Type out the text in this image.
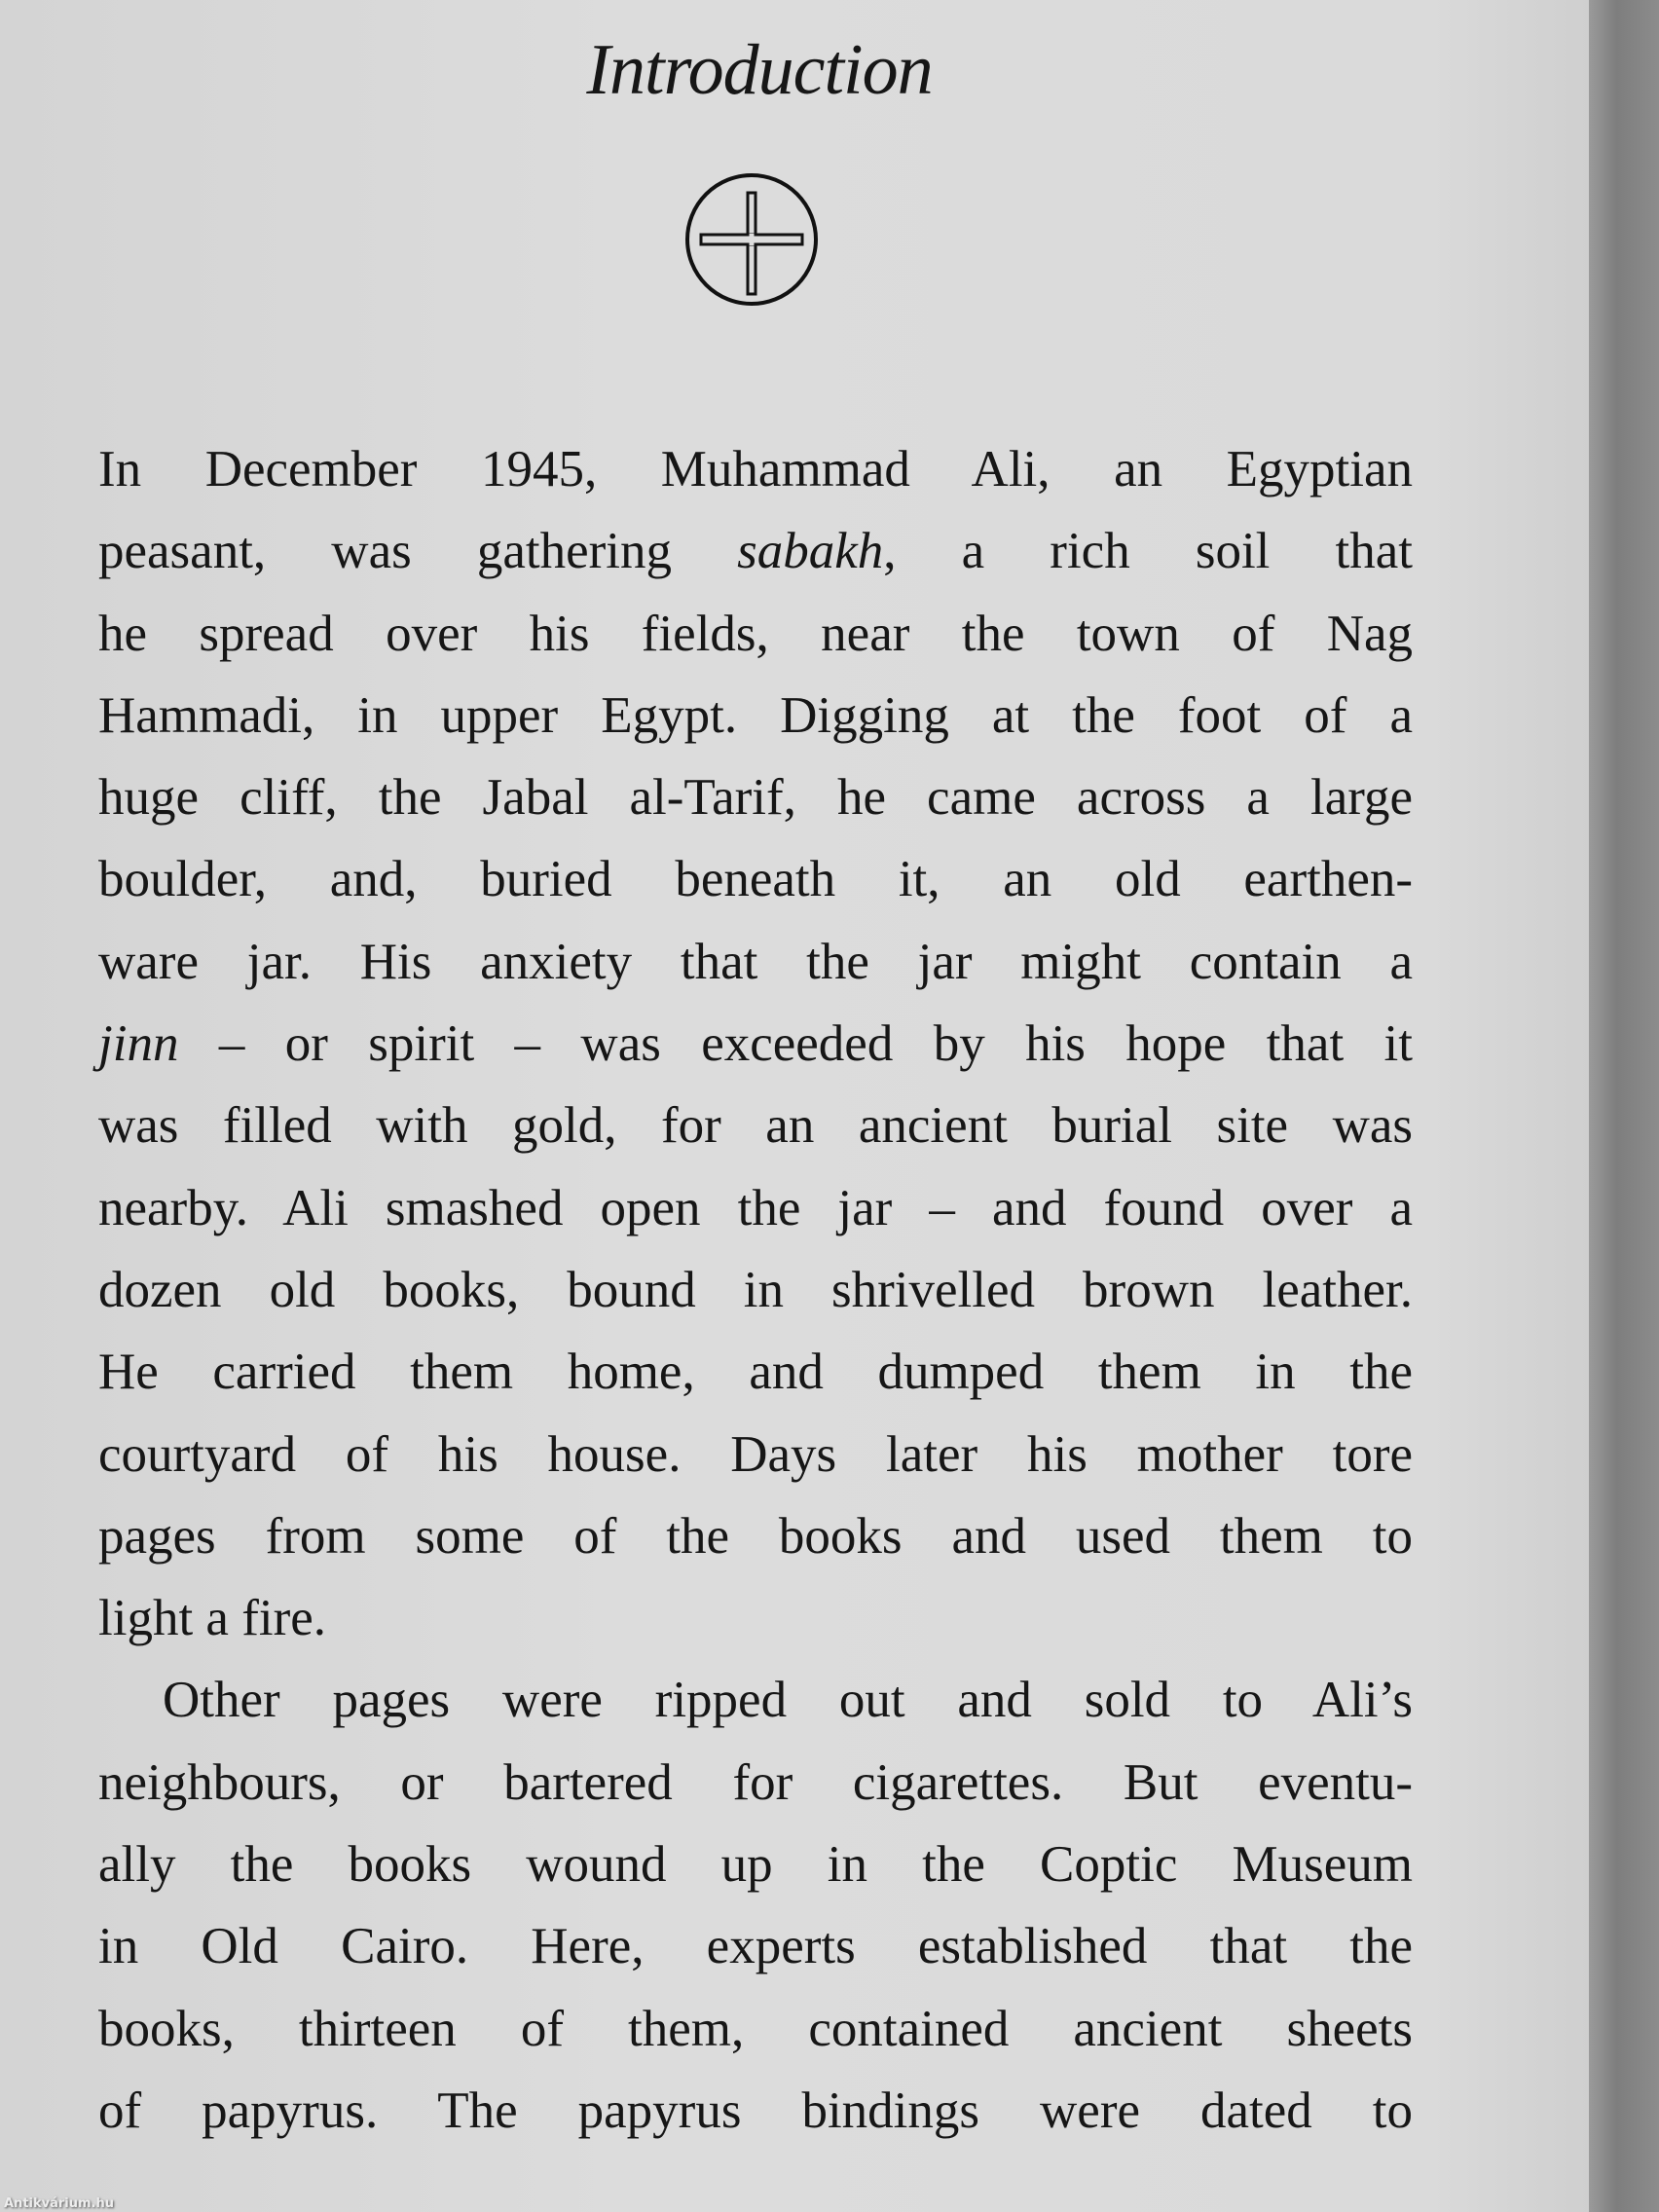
Introduction
In December 1945, Muhammad Ali, an Egyptian
peasant, was gathering sabakh, a rich soil that
he spread over his fields, near the town of Nag
Hammadi, in upper Egypt. Digging at the foot of a
huge cliff, the Jabal al-Tarif, he came across a large
boulder, and, buried beneath it, an old earthen-
ware jar. His anxiety that the jar might contain a
jinn – or spirit – was exceeded by his hope that it
was filled with gold, for an ancient burial site was
nearby. Ali smashed open the jar – and found over a
dozen old books, bound in shrivelled brown leather.
He carried them home, and dumped them in the
courtyard of his house. Days later his mother tore
pages from some of the books and used them to
light a fire.
Other pages were ripped out and sold to Ali’s
neighbours, or bartered for cigarettes. But eventu-
ally the books wound up in the Coptic Museum
in Old Cairo. Here, experts established that the
books, thirteen of them, contained ancient sheets
of papyrus. The papyrus bindings were dated to
Antikvárium.hu
